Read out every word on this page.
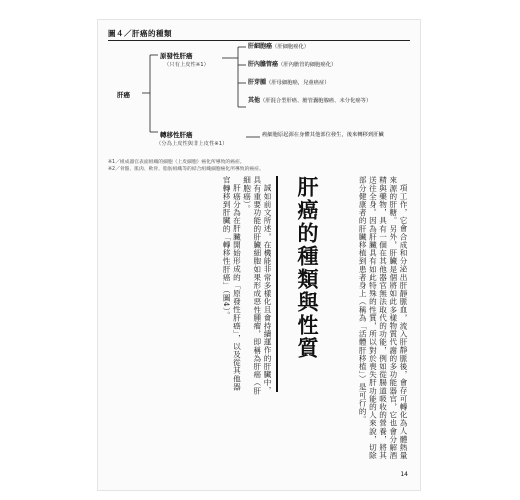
圖４／肝癌的種類
肝癌
原發性肝癌
（只有上皮性※1）
轉移性肝癌
（分為上皮性與非上皮性※1）
肝細胞癌（肝細胞癌化）
肝內膽管癌（肝內膽管的細胞癌化）
肝芽腫（肝母細胞癌，兒童癌症）
其他（肝混合型肝癌、膽管囊胞腺癌、未分化癌等）
癌細胞原起源在身體其他部位發生，後來轉移到肝臟
※1／組成器官表面組織的細胞（上皮細胞）癌化所導致的癌症。
※2／骨骼、肌肉、軟骨、脂肪組織等的結合組織細胞癌化所導致的癌症。

項工作，它會合成和分泌出肝靜脈血，流入肝靜脈後，會存可轉化為人體熱量來源的肝糖。另外，肝臟是個將如此多樣物質代謝的多功能器官，它也會分解酒精與藥物，具有一個在其他器官無法取代的功能，例如從腸道吸收的營養，將其送往全身。因為肝臟具有如此特殊的性質，所以對於喪失肝功能的人來說，切除部分健康者的肝臟移植到患者身上（稱為「活體肝移植」）是可行的。

肝癌的種類與性質

誠如前文所述，在機能非常多樣化且會持續運作的肝臟中，具有重要功能的肝臟細胞如果形成惡性腫瘤，即稱為肝癌（肝細胞癌）。

肝癌分為在肝臟開始形成的「原發性肝癌」，以及從其他器官轉移到肝臟的「轉移性肝癌」（圖4）。

14
